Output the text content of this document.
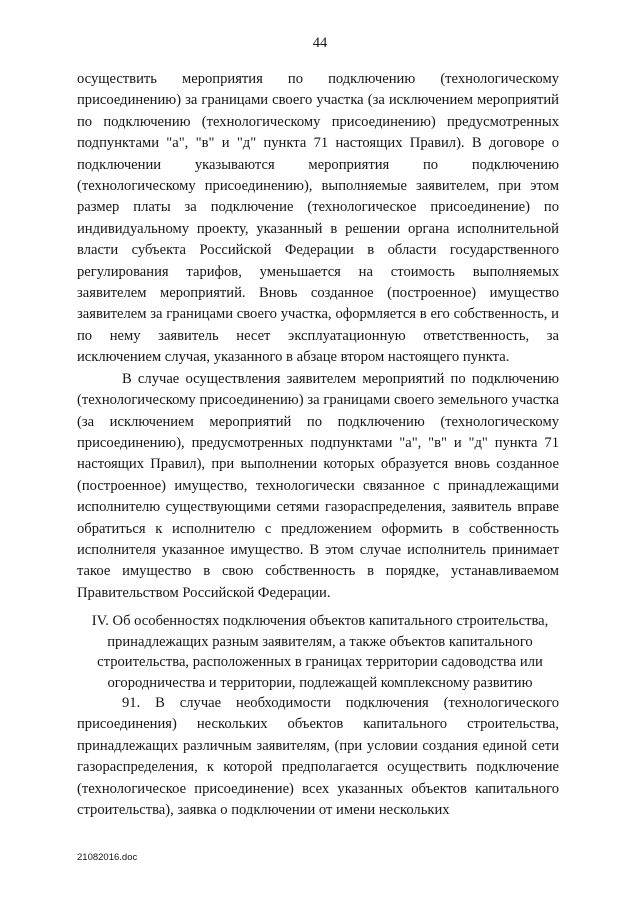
44

осуществить мероприятия по подключению (технологическому присоединению) за границами своего участка (за исключением мероприятий по подключению (технологическому присоединению) предусмотренных подпунктами "а", "в" и "д" пункта 71 настоящих Правил). В договоре о подключении указываются мероприятия по подключению (технологическому присоединению), выполняемые заявителем, при этом размер платы за подключение (технологическое присоединение) по индивидуальному проекту, указанный в решении органа исполнительной власти субъекта Российской Федерации в области государственного регулирования тарифов, уменьшается на стоимость выполняемых заявителем мероприятий. Вновь созданное (построенное) имущество заявителем за границами своего участка, оформляется в его собственность, и по нему заявитель несет эксплуатационную ответственность, за исключением случая, указанного в абзаце втором настоящего пункта.

В случае осуществления заявителем мероприятий по подключению (технологическому присоединению) за границами своего земельного участка (за исключением мероприятий по подключению (технологическому присоединению), предусмотренных подпунктами "а", "в" и "д" пункта 71 настоящих Правил), при выполнении которых образуется вновь созданное (построенное) имущество, технологически связанное с принадлежащими исполнителю существующими сетями газораспределения, заявитель вправе обратиться к исполнителю с предложением оформить в собственность исполнителя указанное имущество. В этом случае исполнитель принимает такое имущество в свою собственность в порядке, устанавливаемом Правительством Российской Федерации.

IV. Об особенностях подключения объектов капитального строительства, принадлежащих разным заявителям, а также объектов капитального строительства, расположенных в границах территории садоводства или огородничества и территории, подлежащей комплексному развитию

91. В случае необходимости подключения (технологического присоединения) нескольких объектов капитального строительства, принадлежащих различным заявителям, (при условии создания единой сети газораспределения, к которой предполагается осуществить подключение (технологическое присоединение) всех указанных объектов капитального строительства), заявка о подключении от имени нескольких

21082016.doc
